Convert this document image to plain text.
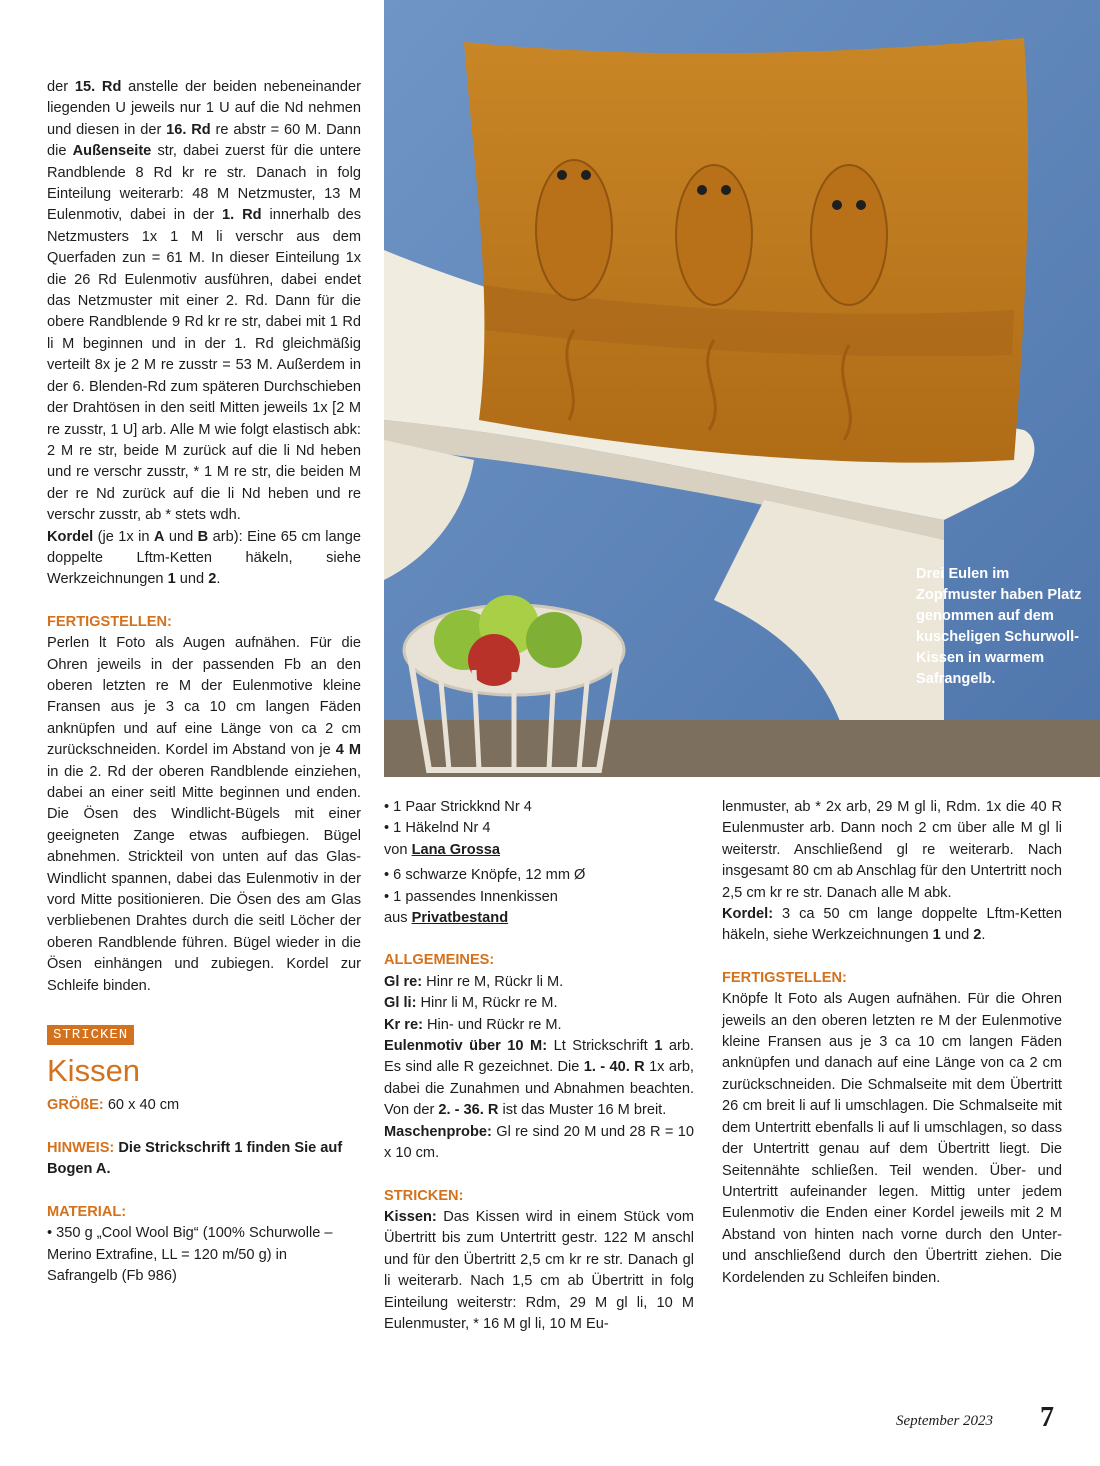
der 15. Rd anstelle der beiden nebeneinander liegenden U jeweils nur 1 U auf die Nd nehmen und diesen in der 16. Rd re abstr = 60 M. Dann die Außenseite str, dabei zuerst für die untere Randblende 8 Rd kr re str. Danach in folg Einteilung weiterarb: 48 M Netzmuster, 13 M Eulenmotiv, dabei in der 1. Rd innerhalb des Netzmusters 1x 1 M li verschr aus dem Querfaden zun = 61 M. In dieser Einteilung 1x die 26 Rd Eulenmotiv ausführen, dabei endet das Netzmuster mit einer 2. Rd. Dann für die obere Randblende 9 Rd kr re str, dabei mit 1 Rd li M beginnen und in der 1. Rd gleichmäßig verteilt 8x je 2 M re zusstr = 53 M. Außerdem in der 6. Blenden-Rd zum späteren Durchschieben der Drahtösen in den seitl Mitten jeweils 1x [2 M re zusstr, 1 U] arb. Alle M wie folgt elastisch abk: 2 M re str, beide M zurück auf die li Nd heben und re verschr zusstr, * 1 M re str, die beiden M der re Nd zurück auf die li Nd heben und re verschr zusstr, ab * stets wdh.

Kordel (je 1x in A und B arb): Eine 65 cm lange doppelte Lftm-Ketten häkeln, siehe Werkzeichnungen 1 und 2.

FERTIGSTELLEN:

Perlen lt Foto als Augen aufnähen. Für die Ohren jeweils in der passenden Fb an den oberen letzten re M der Eulenmotive kleine Fransen aus je 3 ca 10 cm langen Fäden anknüpfen und auf eine Länge von ca 2 cm zurückschneiden. Kordel im Abstand von je 4 M in die 2. Rd der oberen Randblende einziehen, dabei an einer seitl Mitte beginnen und enden. Die Ösen des Windlicht-Bügels mit einer geeigneten Zange etwas aufbiegen. Bügel abnehmen. Strickteil von unten auf das Glas-Windlicht spannen, dabei das Eulenmotiv in der vord Mitte positionieren. Die Ösen des am Glas verbliebenen Drahtes durch die seitl Löcher der oberen Randblende führen. Bügel wieder in die Ösen einhängen und zubiegen. Kordel zur Schleife binden.

STRICKEN
Kissen

GRÖßE: 60 x 40 cm

HINWEIS: Die Strickschrift 1 finden Sie auf Bogen A.

MATERIAL:

• 350 g „Cool Wool Big“ (100% Schurwolle – Merino Extrafine, LL = 120 m/50 g) in Safrangelb (Fb 986)

Drei Eulen im Zopfmuster haben Platz genommen auf dem kuscheligen Schurwoll-Kissen in warmem Safrangelb.

• 1 Paar Strickknd Nr 4

• 1 Häkelnd Nr 4

von Lana Grossa

• 6 schwarze Knöpfe, 12 mm Ø

• 1 passendes Innenkissen

aus Privatbestand

ALLGEMEINES:

Gl re: Hinr re M, Rückr li M.

Gl li: Hinr li M, Rückr re M.

Kr re: Hin- und Rückr re M.

Eulenmotiv über 10 M: Lt Strickschrift 1 arb. Es sind alle R gezeichnet. Die 1. - 40. R 1x arb, dabei die Zunahmen und Abnahmen beachten. Von der 2. - 36. R ist das Muster 16 M breit.

Maschenprobe: Gl re sind 20 M und 28 R = 10 x 10 cm.

STRICKEN:

Kissen: Das Kissen wird in einem Stück vom Übertritt bis zum Untertritt gestr. 122 M anschl und für den Übertritt 2,5 cm kr re str. Danach gl li weiterarb. Nach 1,5 cm ab Übertritt in folg Einteilung weiterstr: Rdm, 29 M gl li, 10 M Eulenmuster, * 16 M gl li, 10 M Eu-

lenmuster, ab * 2x arb, 29 M gl li, Rdm. 1x die 40 R Eulenmuster arb. Dann noch 2 cm über alle M gl li weiterstr. Anschließend gl re weiterarb. Nach insgesamt 80 cm ab Anschlag für den Untertritt noch 2,5 cm kr re str. Danach alle M abk.

Kordel: 3 ca 50 cm lange doppelte Lftm-Ketten häkeln, siehe Werkzeichnungen 1 und 2.

FERTIGSTELLEN:

Knöpfe lt Foto als Augen aufnähen. Für die Ohren jeweils an den oberen letzten re M der Eulenmotive kleine Fransen aus je 3 ca 10 cm langen Fäden anknüpfen und danach auf eine Länge von ca 2 cm zurückschneiden. Die Schmalseite mit dem Übertritt 26 cm breit li auf li umschlagen. Die Schmalseite mit dem Untertritt ebenfalls li auf li umschlagen, so dass der Untertritt genau auf dem Übertritt liegt. Die Seitennähte schließen. Teil wenden. Über- und Untertritt aufeinander legen. Mittig unter jedem Eulenmotiv die Enden einer Kordel jeweils mit 2 M Abstand von hinten nach vorne durch den Unter- und anschließend durch den Übertritt ziehen. Die Kordelenden zu Schleifen binden.

September 2023 7
